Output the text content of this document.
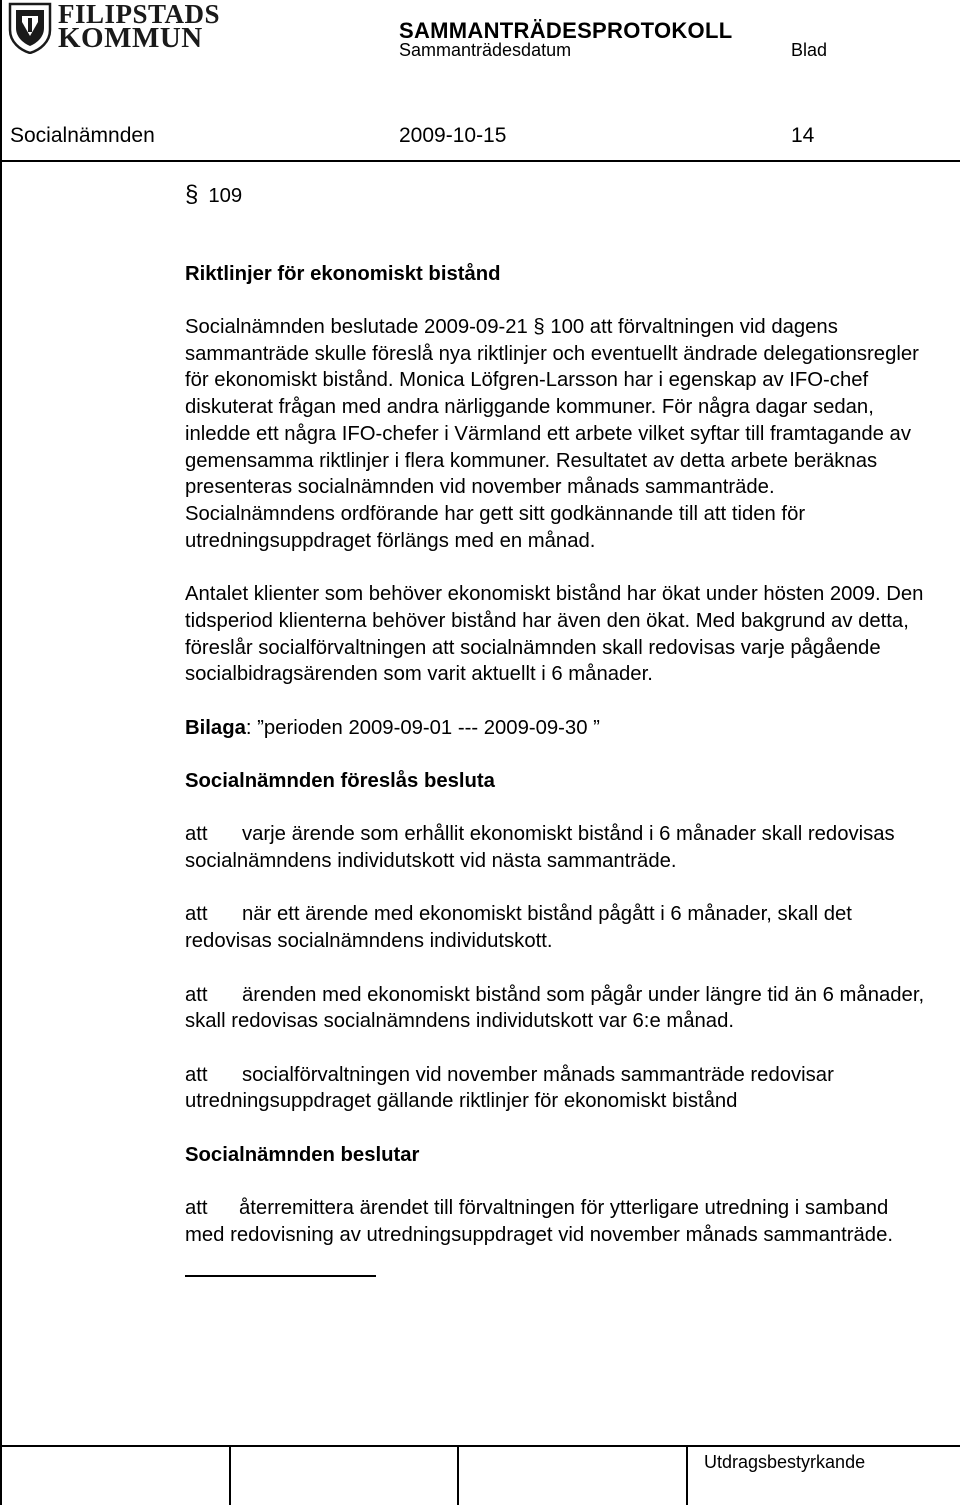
FILIPSTADS
KOMMUN	SAMMANTRÄDESPROTOKOLL
Sammanträdesdatum	Blad
Socialnämnden	2009-10-15	14
Utdragsbestyrkande
§ 109

Riktlinjer för ekonomiskt bistånd

Socialnämnden beslutade 2009-09-21 § 100 att förvaltningen vid dagens sammanträde skulle föreslå nya riktlinjer och eventuellt ändrade delegationsregler för ekonomiskt bistånd. Monica Löfgren-Larsson har i egenskap av IFO-chef diskuterat frågan med andra närliggande kommuner. För några dagar sedan, inledde ett några IFO-chefer i Värmland ett arbete vilket syftar till framtagande av gemensamma riktlinjer i flera kommuner. Resultatet av detta arbete beräknas presenteras socialnämnden vid november månads sammanträde. Socialnämndens ordförande har gett sitt godkännande till att tiden för utredningsuppdraget förlängs med en månad.

Antalet klienter som behöver ekonomiskt bistånd har ökat under hösten 2009. Den tidsperiod klienterna behöver bistånd har även den ökat. Med bakgrund av detta, föreslår socialförvaltningen att socialnämnden skall redovisas varje pågående socialbidragsärenden som varit aktuellt i 6 månader.

Bilaga: ”perioden 2009-09-01 --- 2009-09-30 ”

Socialnämnden föreslås besluta

att varje ärende som erhållit ekonomiskt bistånd i 6 månader skall redovisas socialnämndens individutskott vid nästa sammanträde.

att när ett ärende med ekonomiskt bistånd pågått i 6 månader, skall det redovisas socialnämndens individutskott.

att ärenden med ekonomiskt bistånd som pågår under längre tid än 6 månader, skall redovisas socialnämndens individutskott var 6:e månad.

att socialförvaltningen vid november månads sammanträde redovisar utredningsuppdraget gällande riktlinjer för ekonomiskt bistånd

Socialnämnden beslutar

att återremittera ärendet till förvaltningen för ytterligare utredning i samband med redovisning av utredningsuppdraget vid november månads sammanträde.
